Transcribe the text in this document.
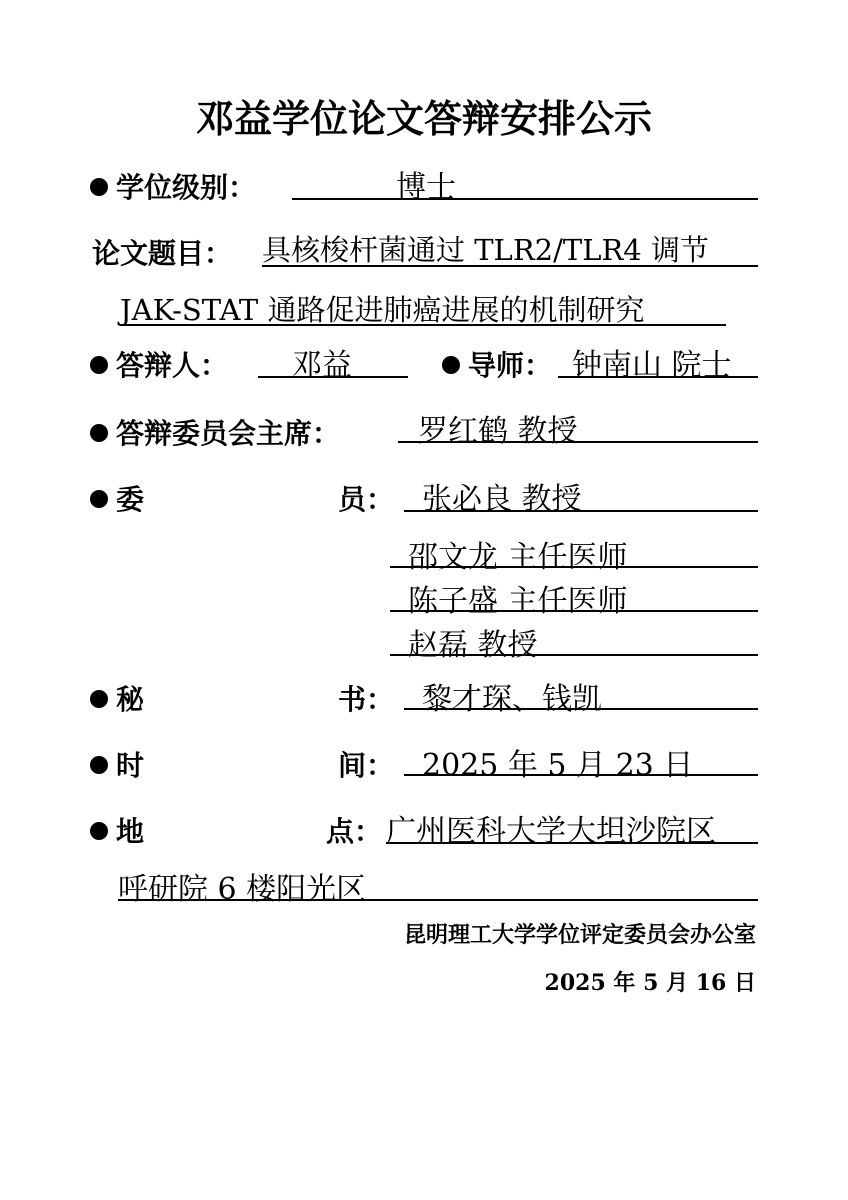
邓益学位论文答辩安排公示
学位级别：	博士
论文题目： 具核梭杆菌通过 TLR2/TLR4 调节
JAK-STAT 通路促进肺癌进展的机制研究
答辩人： 邓益	导师： 钟南山 院士
答辩委员会主席：	罗红鹤 教授
委	员： 张必良 教授
邵文龙 主任医师
陈子盛 主任医师
赵磊 教授
秘	书： 黎才琛、钱凯
时	间： 2025 年 5 月 23 日
地	点： 广州医科大学大坦沙院区
呼研院 6 楼阳光区
昆明理工大学学位评定委员会办公室
2025 年 5 月 16 日
